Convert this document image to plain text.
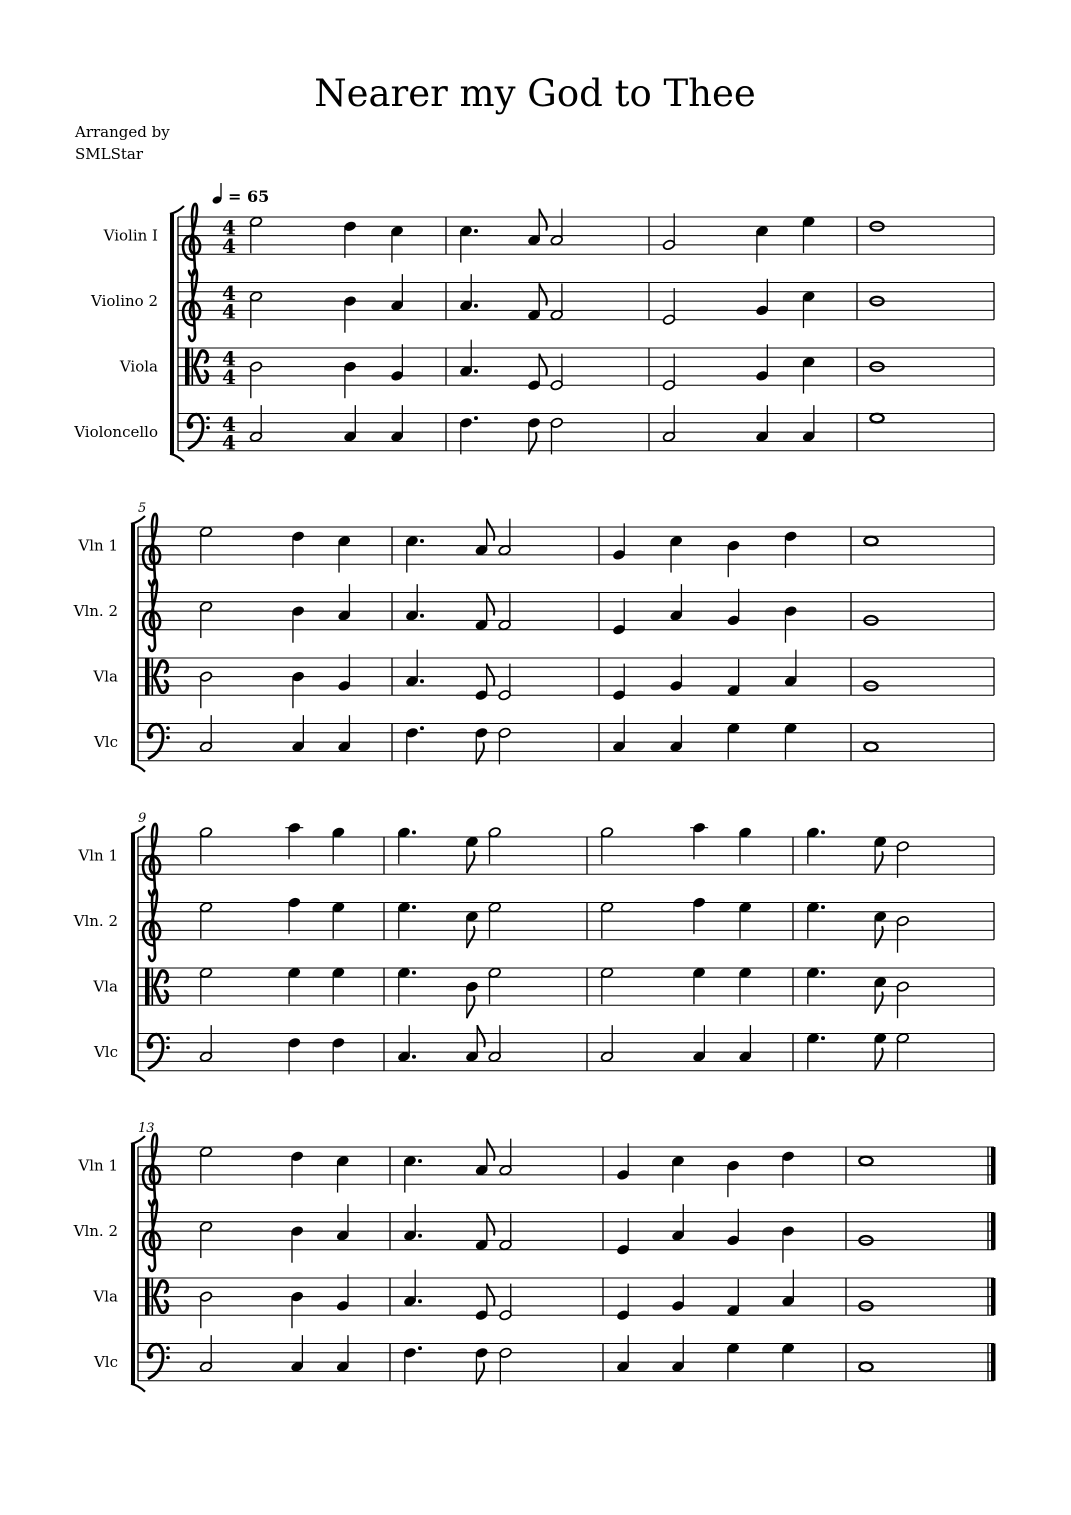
Nearer my God to Thee
Arranged by
SMLStar
= 65
Violin I	4
4
Violino 2	4
4
Viola	4
4
Violoncello	4
4
5
Vln 1
Vln. 2
Vla
Vlc
9
Vln 1
Vln. 2
Vla
Vlc
13
Vln 1
Vln. 2
Vla
Vlc
